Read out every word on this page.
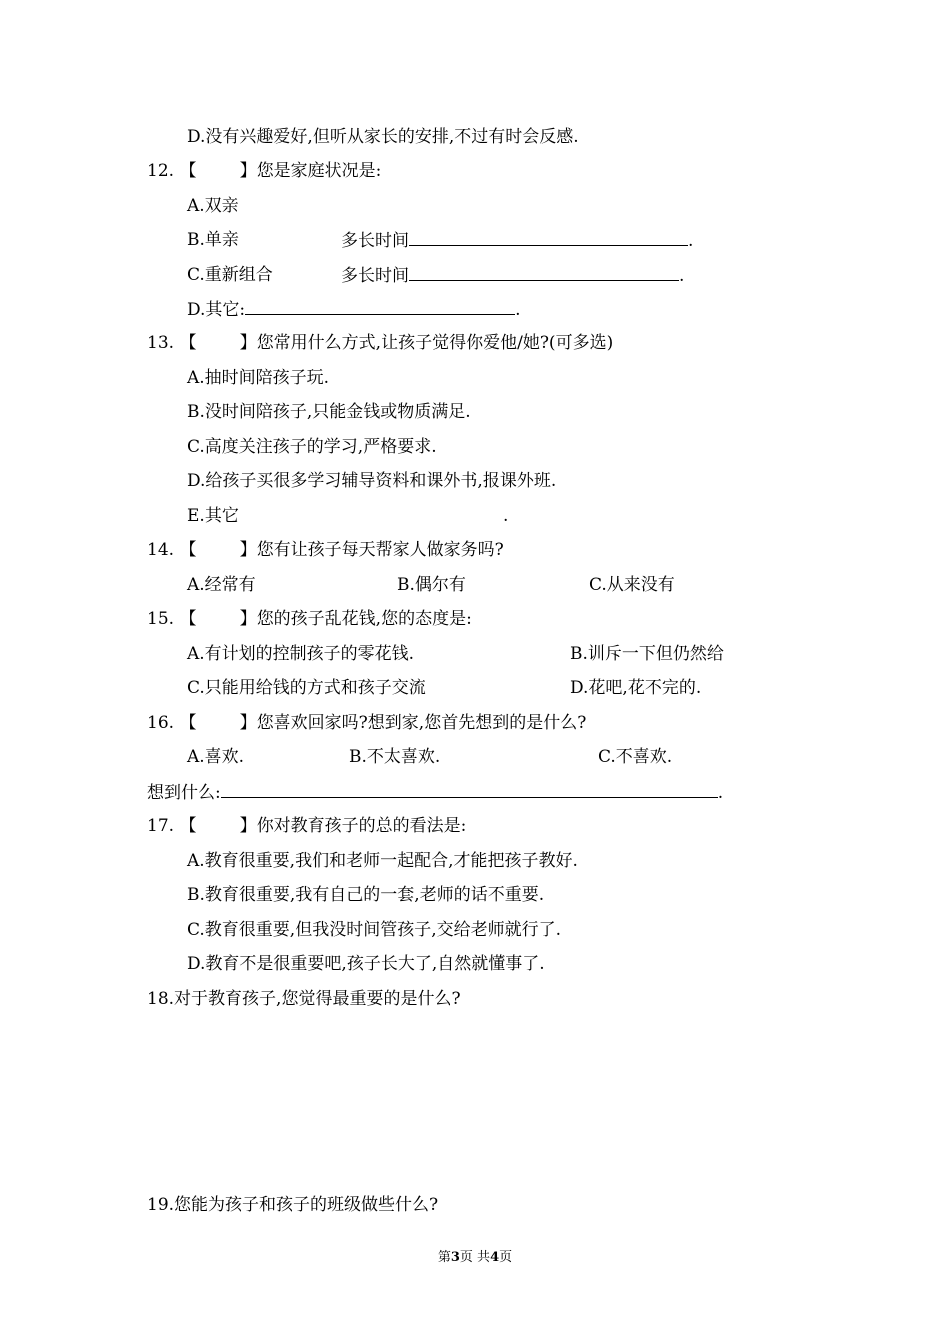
D.没有兴趣爱好,但听从家长的安排,不过有时会反感.
12. 【        】您是家庭状况是:
A.双亲
B.单亲	多长时间	.
C.重新组合	多长时间	.
D.其它:	.
13. 【        】您常用什么方式,让孩子觉得你爱他/她?(可多选)
A.抽时间陪孩子玩.
B.没时间陪孩子,只能金钱或物质满足.
C.高度关注孩子的学习,严格要求.
D.给孩子买很多学习辅导资料和课外书,报课外班.
E.其它	.
14. 【        】您有让孩子每天帮家人做家务吗?
A.经常有	B.偶尔有	C.从来没有
15. 【        】您的孩子乱花钱,您的态度是:
A.有计划的控制孩子的零花钱.	B.训斥一下但仍然给
C.只能用给钱的方式和孩子交流	D.花吧,花不完的.
16. 【        】您喜欢回家吗?想到家,您首先想到的是什么?
A.喜欢.	B.不太喜欢.	C.不喜欢.
想到什么:	.
17. 【        】你对教育孩子的总的看法是:
A.教育很重要,我们和老师一起配合,才能把孩子教好.
B.教育很重要,我有自己的一套,老师的话不重要.
C.教育很重要,但我没时间管孩子,交给老师就行了.
D.教育不是很重要吧,孩子长大了,自然就懂事了.
18.对于教育孩子,您觉得最重要的是什么?
19.您能为孩子和孩子的班级做些什么?
第3页 共4页
